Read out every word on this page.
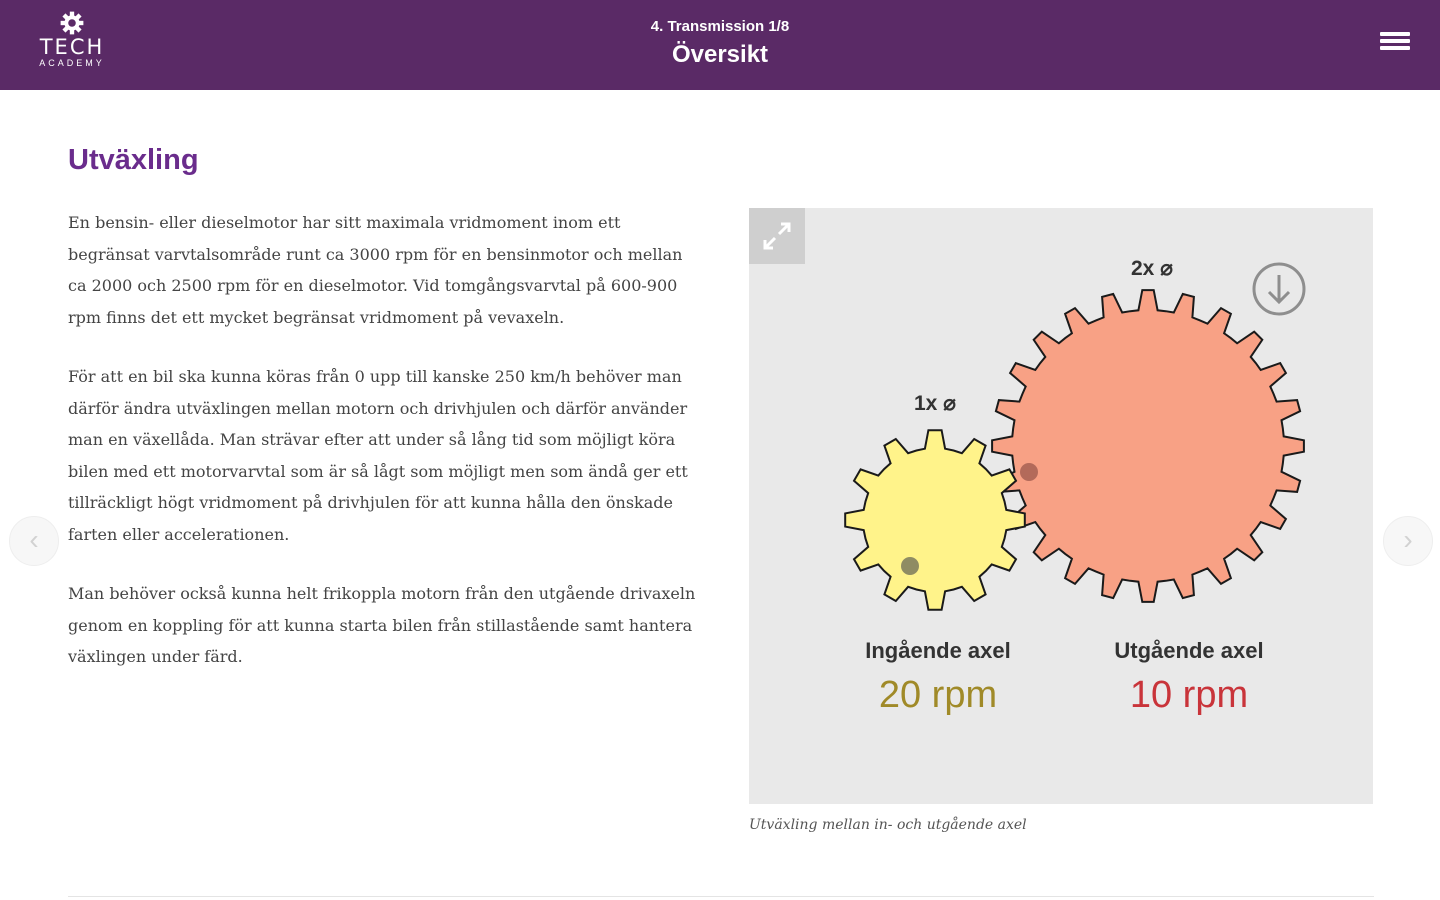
TECH
ACADEMY
4. Transmission 1/8
Översikt
Utväxling

En bensin- eller dieselmotor har sitt maximala vridmoment inom ett begränsat varvtalsområde runt ca 3000 rpm för en bensinmotor och mellan ca 2000 och 2500 rpm för en dieselmotor. Vid tomgångsvarvtal på 600-900 rpm finns det ett mycket begränsat vridmoment på vevaxeln.

För att en bil ska kunna köras från 0 upp till kanske 250 km/h behöver man därför ändra utväxlingen mellan motorn och drivhjulen och därför använder man en växellåda. Man strävar efter att under så lång tid som möjligt köra bilen med ett motorvarvtal som är så lågt som möjligt men som ändå ger ett tillräckligt högt vridmoment på drivhjulen för att kunna hålla den önskade farten eller accelerationen.

Man behöver också kunna helt frikoppla motorn från den utgående drivaxeln genom en koppling för att kunna starta bilen från stillastående samt hantera växlingen under färd.

‹	›
2x ⌀
1x ⌀
Ingående axel
20 rpm
Utgående axel
10 rpm
Utväxling mellan in- och utgående axel
